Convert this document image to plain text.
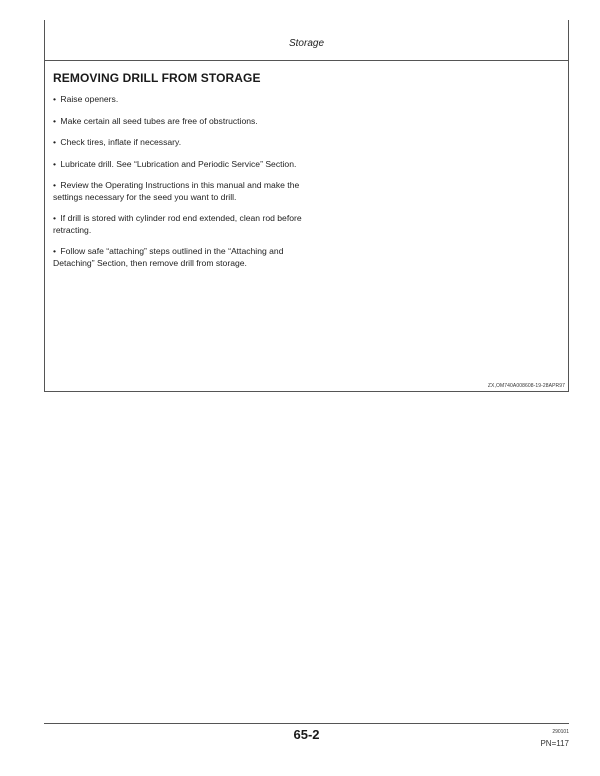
Storage
REMOVING DRILL FROM STORAGE
• Raise openers.
• Make certain all seed tubes are free of obstructions.
• Check tires, inflate if necessary.
• Lubricate drill. See “Lubrication and Periodic Service” Section.
• Review the Operating Instructions in this manual and make the settings necessary for the seed you want to drill.
• If drill is stored with cylinder rod end extended, clean rod before retracting.
• Follow safe “attaching” steps outlined in the “Attaching and Detaching” Section, then remove drill from storage.
ZX,OM740A008608-19-28APR97
65-2	290101
PN=117
